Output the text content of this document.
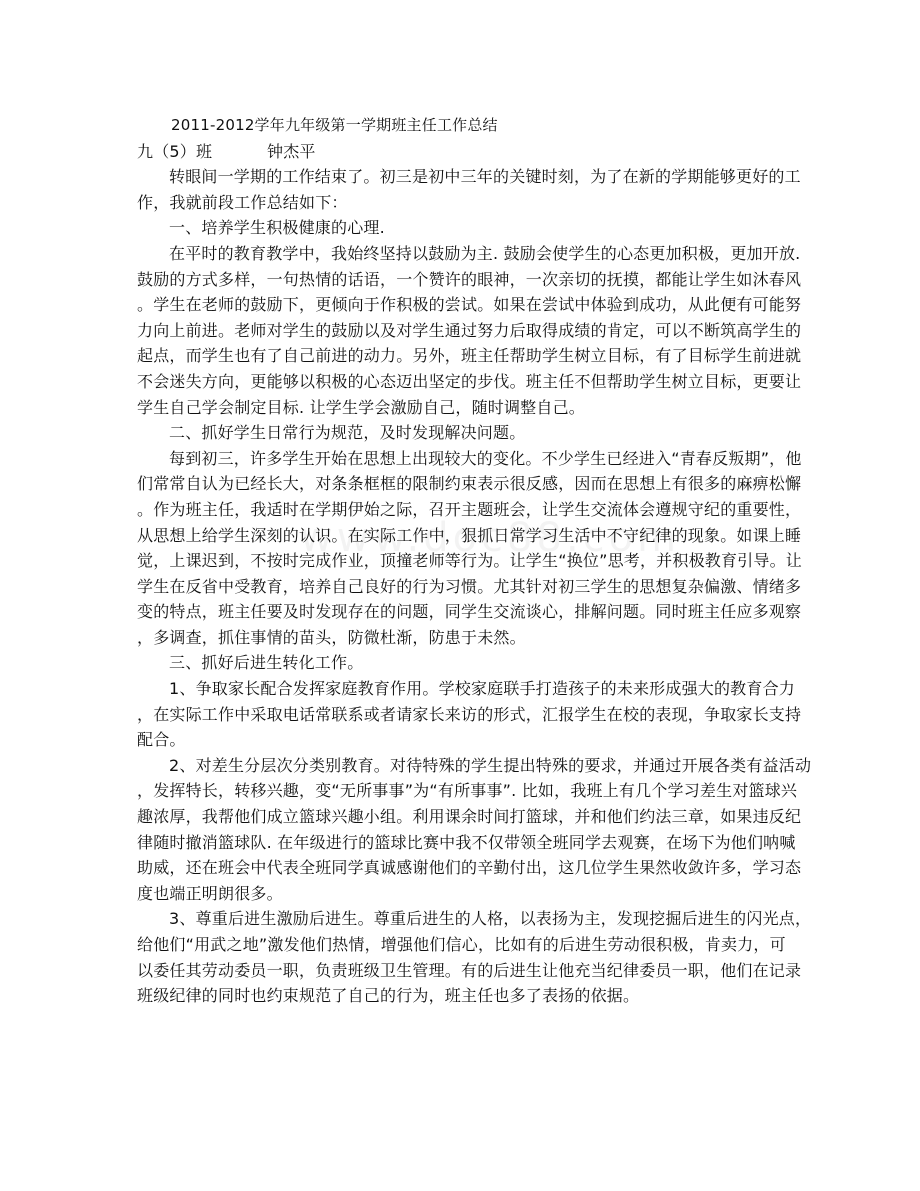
2011-2012学年九年级第一学期班主任工作总结
九（5）班	钟杰平
转眼间一学期的工作结束了。初三是初中三年的关键时刻，为了在新的学期能够更好的工
作，我就前段工作总结如下：
一、培养学生积极健康的心理.
在平时的教育教学中，我始终坚持以鼓励为主. 鼓励会使学生的心态更加积极，更加开放.
鼓励的方式多样，一句热情的话语，一个赞许的眼神，一次亲切的抚摸，都能让学生如沐春风
。学生在老师的鼓励下，更倾向于作积极的尝试。如果在尝试中体验到成功，从此便有可能努
力向上前进。老师对学生的鼓励以及对学生通过努力后取得成绩的肯定，可以不断筑高学生的
起点，而学生也有了自己前进的动力。另外，班主任帮助学生树立目标，有了目标学生前进就
不会迷失方向，更能够以积极的心态迈出坚定的步伐。班主任不但帮助学生树立目标，更要让
学生自己学会制定目标. 让学生学会激励自己，随时调整自己。
二、抓好学生日常行为规范，及时发现解决问题。
每到初三，许多学生开始在思想上出现较大的变化。不少学生已经进入“青春反叛期”，他
们常常自认为已经长大，对条条框框的限制约束表示很反感，因而在思想上有很多的麻痹松懈
。作为班主任，我适时在学期伊始之际，召开主题班会，让学生交流体会遵规守纪的重要性，
从思想上给学生深刻的认识。在实际工作中，狠抓日常学习生活中不守纪律的现象。如课上睡
觉，上课迟到，不按时完成作业，顶撞老师等行为。让学生“换位”思考，并积极教育引导。让
学生在反省中受教育，培养自己良好的行为习惯。尤其针对初三学生的思想复杂偏激、情绪多
变的特点，班主任要及时发现存在的问题，同学生交流谈心，排解问题。同时班主任应多观察
，多调查，抓住事情的苗头，防微杜渐，防患于未然。
三、抓好后进生转化工作。
1、争取家长配合发挥家庭教育作用。学校家庭联手打造孩子的未来形成强大的教育合力
，在实际工作中采取电话常联系或者请家长来访的形式，汇报学生在校的表现，争取家长支持
配合。
2、对差生分层次分类别教育。对待特殊的学生提出特殊的要求，并通过开展各类有益活动
，发挥特长，转移兴趣，变“无所事事”为“有所事事”. 比如，我班上有几个学习差生对篮球兴
趣浓厚，我帮他们成立篮球兴趣小组。利用课余时间打篮球，并和他们约法三章，如果违反纪
律随时撤消篮球队. 在年级进行的篮球比赛中我不仅带领全班同学去观赛，在场下为他们呐喊
助威，还在班会中代表全班同学真诚感谢他们的辛勤付出，这几位学生果然收敛许多，学习态
度也端正明朗很多。
3、尊重后进生激励后进生。尊重后进生的人格，以表扬为主，发现挖掘后进生的闪光点，
给他们“用武之地”激发他们热情，增强他们信心，比如有的后进生劳动很积极，肯卖力，可
以委任其劳动委员一职，负责班级卫生管理。有的后进生让他充当纪律委员一职，他们在记录
班级纪律的同时也约束规范了自己的行为，班主任也多了表扬的依据。
